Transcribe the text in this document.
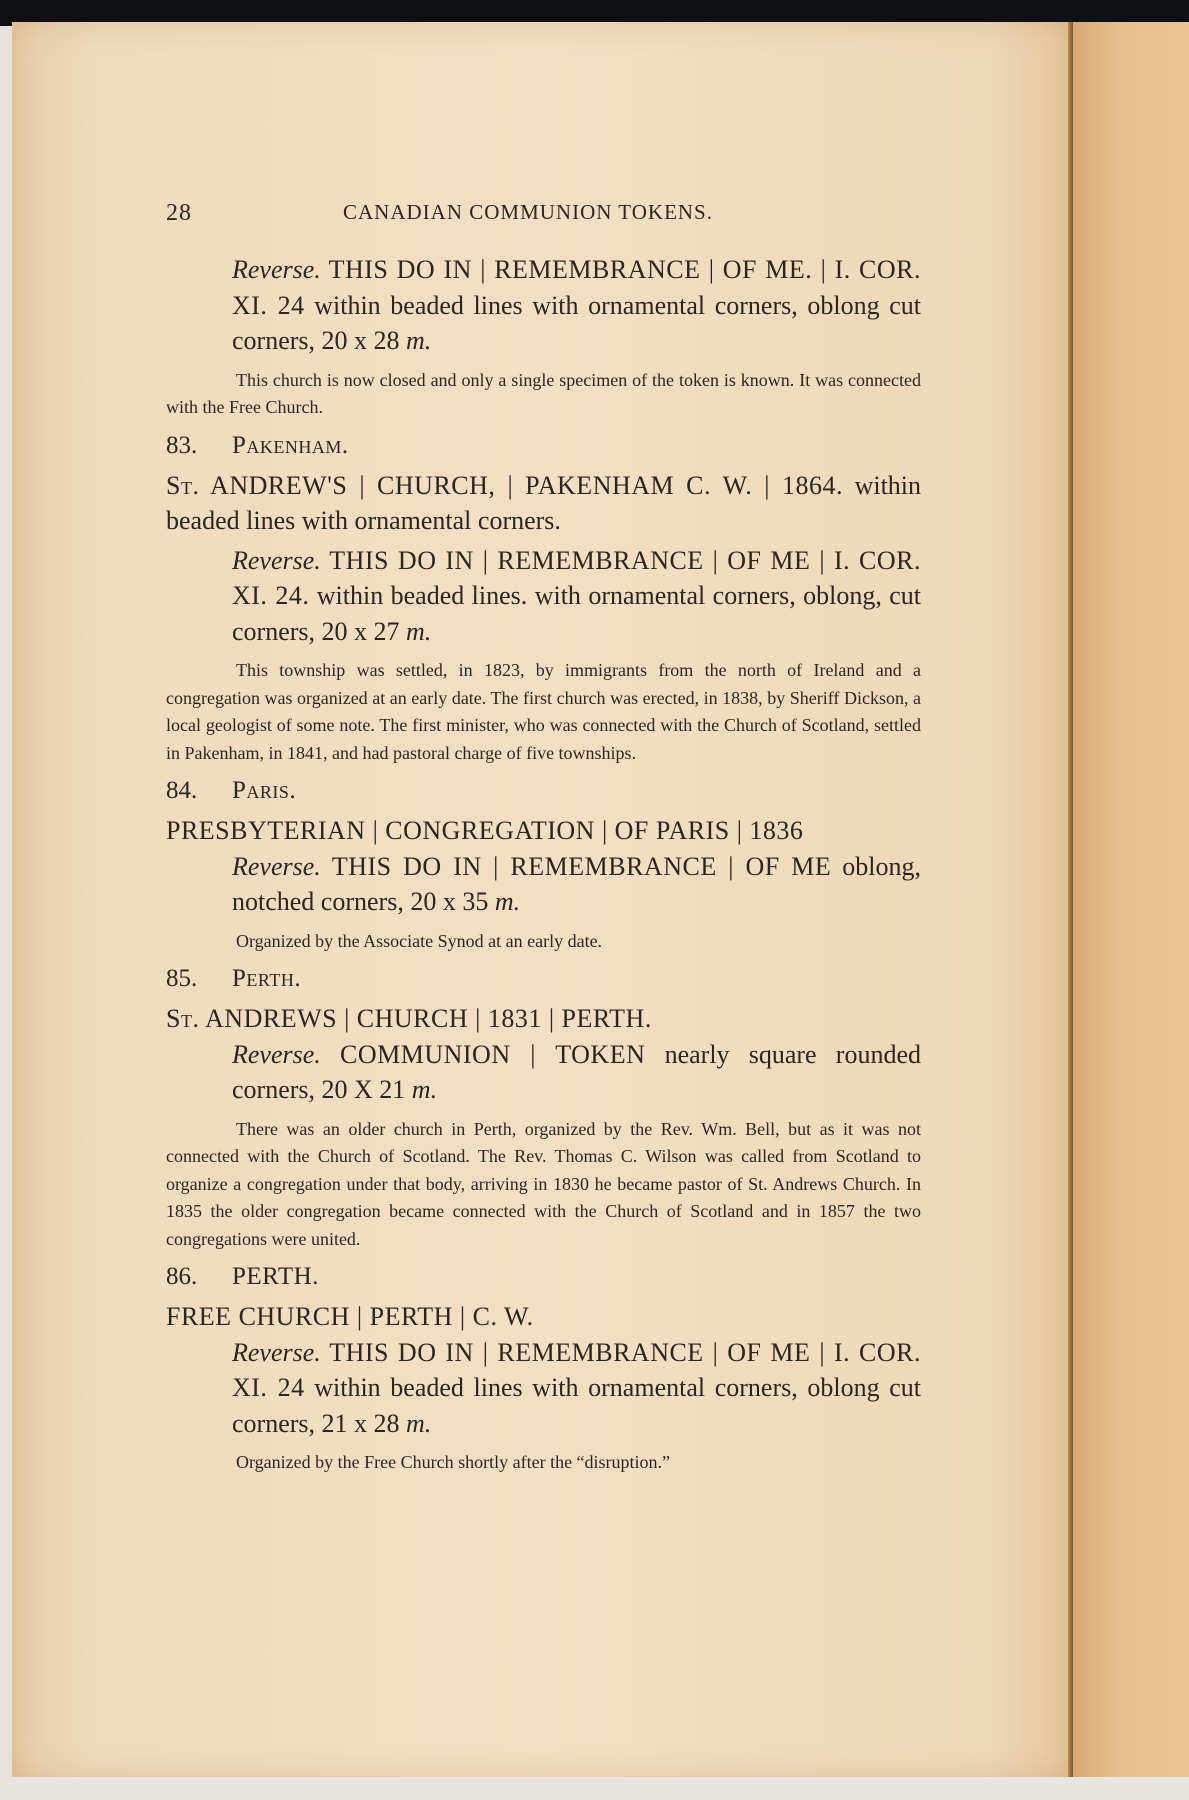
28	CANADIAN COMMUNION TOKENS.

Reverse. THIS DO IN | REMEMBRANCE | OF ME. | I. COR. XI. 24 within beaded lines with ornamental corners, oblong cut corners, 20 x 28 m.

This church is now closed and only a single specimen of the token is known. It was connected with the Free Church.

83. Pakenham.

St. ANDREW'S | CHURCH, | PAKENHAM C. W. | 1864. within beaded lines with ornamental corners.

Reverse. THIS DO IN | REMEMBRANCE | OF ME | I. COR. XI. 24. within beaded lines. with ornamental corners, oblong, cut corners, 20 x 27 m.

This township was settled, in 1823, by immigrants from the north of Ireland and a congregation was organized at an early date. The first church was erected, in 1838, by Sheriff Dickson, a local geologist of some note. The first minister, who was connected with the Church of Scotland, settled in Pakenham, in 1841, and had pastoral charge of five townships.

84. Paris.

PRESBYTERIAN | CONGREGATION | OF PARIS | 1836

Reverse. THIS DO IN | REMEMBRANCE | OF ME oblong, notched corners, 20 x 35 m.

Organized by the Associate Synod at an early date.

85. Perth.

St. ANDREWS | CHURCH | 1831 | PERTH.

Reverse. COMMUNION | TOKEN nearly square rounded corners, 20 X 21 m.

There was an older church in Perth, organized by the Rev. Wm. Bell, but as it was not connected with the Church of Scotland. The Rev. Thomas C. Wilson was called from Scotland to organize a congregation under that body, arriving in 1830 he became pastor of St. Andrews Church. In 1835 the older congregation became connected with the Church of Scotland and in 1857 the two congregations were united.

86. PERTH.

FREE CHURCH | PERTH | C. W.

Reverse. THIS DO IN | REMEMBRANCE | OF ME | I. COR. XI. 24 within beaded lines with ornamental corners, oblong cut corners, 21 x 28 m.

Organized by the Free Church shortly after the “disruption.”
